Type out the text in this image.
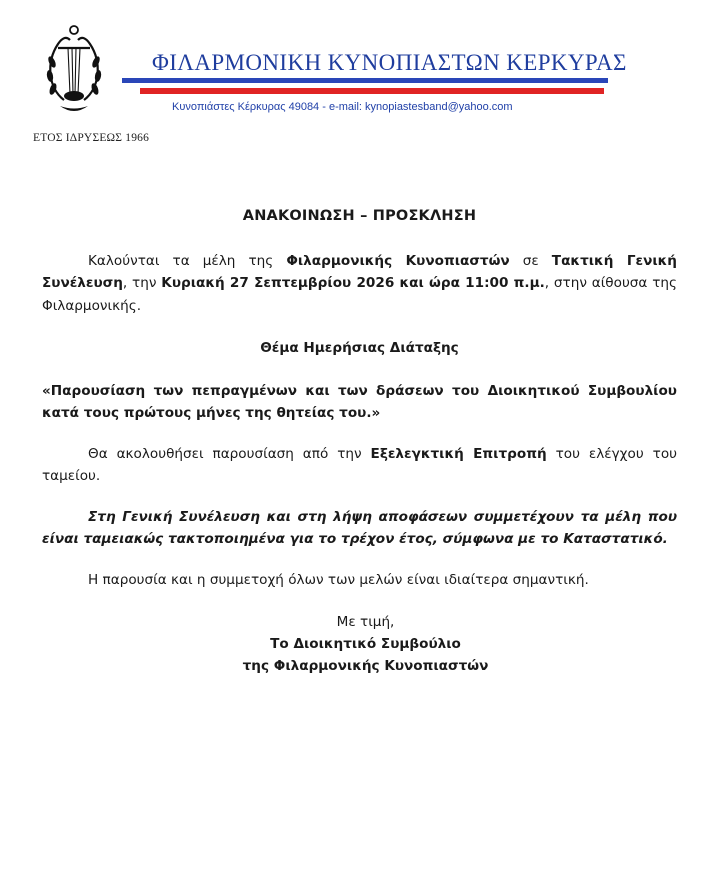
ΦΙΛΑΡΜΟΝΙΚΗ ΚΥΝΟΠΙΑΣΤΩΝ ΚΕΡΚΥΡΑΣ
Κυνοπιάστες Κέρκυρας 49084 - e-mail: kynopiastesband@yahoo.com
ΕΤΟΣ ΙΔΡΥΣΕΩΣ 1966
ΑΝΑΚΟΙΝΩΣΗ – ΠΡΟΣΚΛΗΣΗ

Καλούνται τα μέλη της Φιλαρμονικής Κυνοπιαστών σε Τακτική Γενική Συνέλευση, την Κυριακή 27 Σεπτεμβρίου 2026 και ώρα 11:00 π.μ., στην αίθουσα της Φιλαρμονικής.

Θέμα Ημερήσιας Διάταξης

«Παρουσίαση των πεπραγμένων και των δράσεων του Διοικητικού Συμβουλίου κατά τους πρώτους μήνες της θητείας του.»

Θα ακολουθήσει παρουσίαση από την Εξελεγκτική Επιτροπή του ελέγχου του ταμείου.

Στη Γενική Συνέλευση και στη λήψη αποφάσεων συμμετέχουν τα μέλη που είναι ταμειακώς τακτοποιημένα για το τρέχον έτος, σύμφωνα με το Καταστατικό.

Η παρουσία και η συμμετοχή όλων των μελών είναι ιδιαίτερα σημαντική.

Με τιμή,
Το Διοικητικό Συμβούλιο
της Φιλαρμονικής Κυνοπιαστών
